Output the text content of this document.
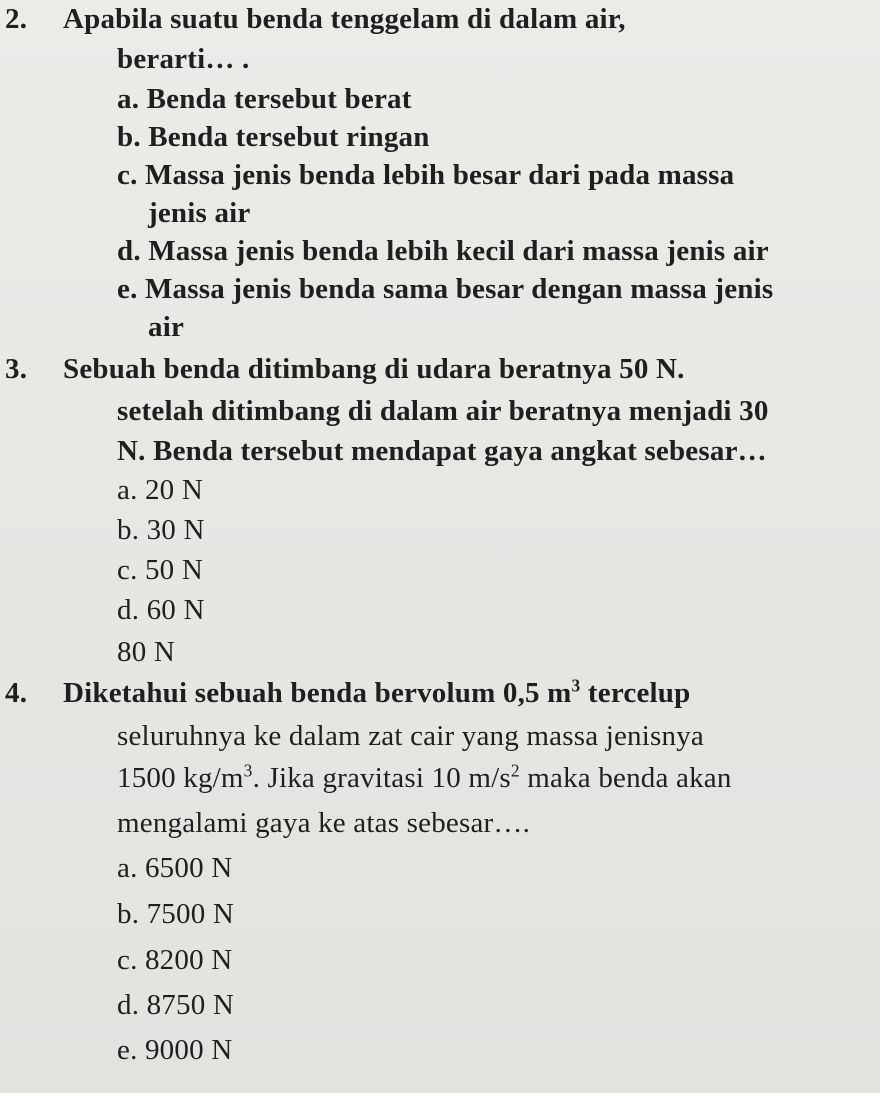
2. Apabila suatu benda tenggelam di dalam air,
berarti… .
a. Benda tersebut berat
b. Benda tersebut ringan
c. Massa jenis benda lebih besar dari pada massa
jenis air
d. Massa jenis benda lebih kecil dari massa jenis air
e. Massa jenis benda sama besar dengan massa jenis
air
3. Sebuah benda ditimbang di udara beratnya 50 N.
setelah ditimbang di dalam air beratnya menjadi 30
N. Benda tersebut mendapat gaya angkat sebesar…
a. 20 N
b. 30 N
c. 50 N
d. 60 N
80 N
4. Diketahui sebuah benda bervolum 0,5 $m^3$ tercelup
seluruhnya ke dalam zat cair yang massa jenisnya
1500 $kg/m^3$. Jika gravitasi 10 $m/s^2$ maka benda akan
mengalami gaya ke atas sebesar….
a. 6500 N
b. 7500 N
c. 8200 N
d. 8750 N
e. 9000 N
